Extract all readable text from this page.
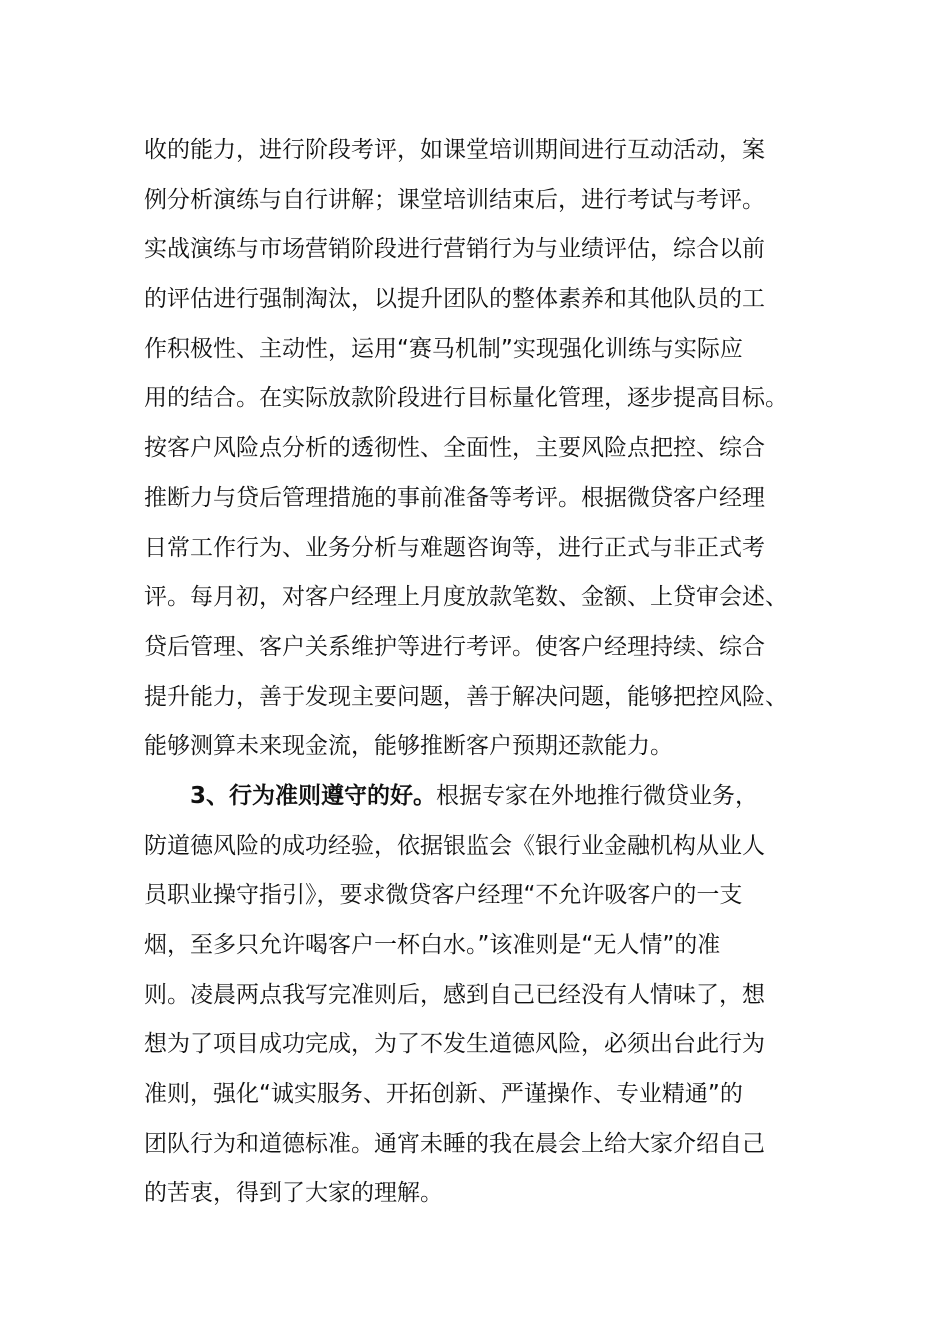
收的能力，进行阶段考评，如课堂培训期间进行互动活动，案
例分析演练与自行讲解；课堂培训结束后，进行考试与考评。
实战演练与市场营销阶段进行营销行为与业绩评估，综合以前
的评估进行强制淘汰，以提升团队的整体素养和其他队员的工
作积极性、主动性，运用“赛马机制”实现强化训练与实际应
用的结合。在实际放款阶段进行目标量化管理，逐步提高目标。
按客户风险点分析的透彻性、全面性，主要风险点把控、综合
推断力与贷后管理措施的事前准备等考评。根据微贷客户经理
日常工作行为、业务分析与难题咨询等，进行正式与非正式考
评。每月初，对客户经理上月度放款笔数、金额、上贷审会述、
贷后管理、客户关系维护等进行考评。使客户经理持续、综合
提升能力，善于发现主要问题，善于解决问题，能够把控风险、
能够测算未来现金流，能够推断客户预期还款能力。
3、行为准则遵守的好。根据专家在外地推行微贷业务，
防道德风险的成功经验，依据银监会《银行业金融机构从业人
员职业操守指引》，要求微贷客户经理“不允许吸客户的一支
烟，至多只允许喝客户一杯白水。”该准则是“无人情”的准
则。凌晨两点我写完准则后，感到自己已经没有人情味了，想
想为了项目成功完成，为了不发生道德风险，必须出台此行为
准则，强化“诚实服务、开拓创新、严谨操作、专业精通”的
团队行为和道德标准。通宵未睡的我在晨会上给大家介绍自己
的苦衷，得到了大家的理解。
